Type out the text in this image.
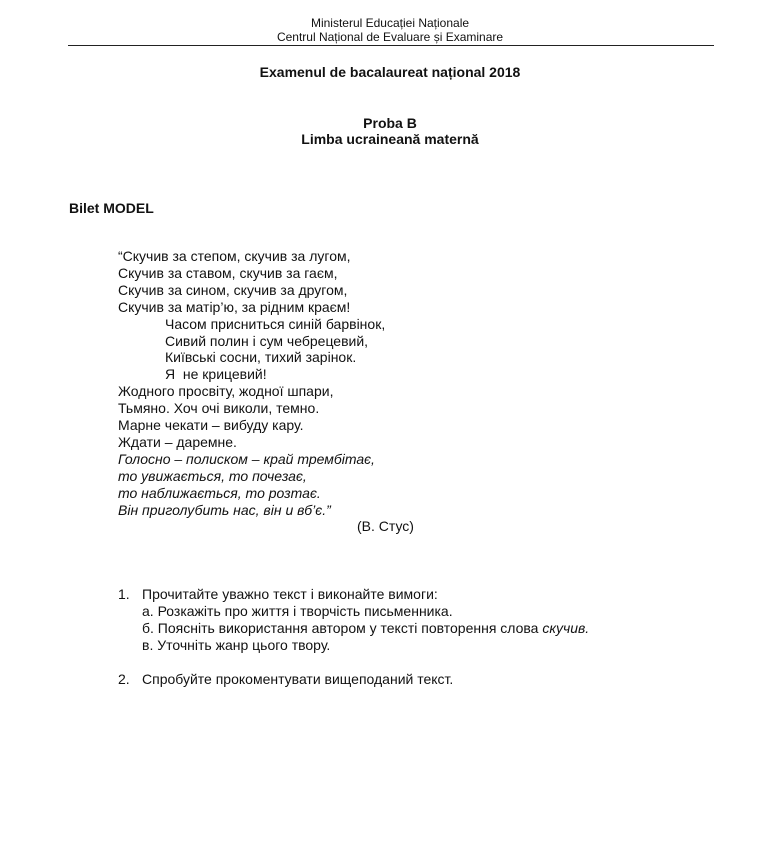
Ministerul Educației Naționale
Centrul Național de Evaluare și Examinare
Examenul de bacalaureat național 2018
Proba B
Limba ucraineană maternă
Bilet MODEL
“Скучив за степом, скучив за лугом,
Скучив за ставом, скучив за гаєм,
Скучив за сином, скучив за другом,
Скучив за матір’ю, за рідним краєм!
Часом присниться синій барвінок,
Сивий полин і сум чебрецевий,
Київські сосни, тихий зарінок.
Я  не крицевий!
Жодного просвіту, жодної шпари,
Тьмяно. Хоч очі виколи, темно.
Марне чекати – вибуду кару.
Ждати – даремне.
Голосно – полиском – край трембітає,
то увижається, то почезає,
то наближається, то розтає.
Він приголубить нас, він и вб’є.”
(В. Стус)
1. Прочитайте уважно текст і виконайте вимоги:
а. Розкажіть про життя і творчість письменника.
б. Поясніть використання автором у тексті повторення слова скучив.
в. Уточніть жанр цього твору.
2. Спробуйте прокоментувати вищеподаний текст.
